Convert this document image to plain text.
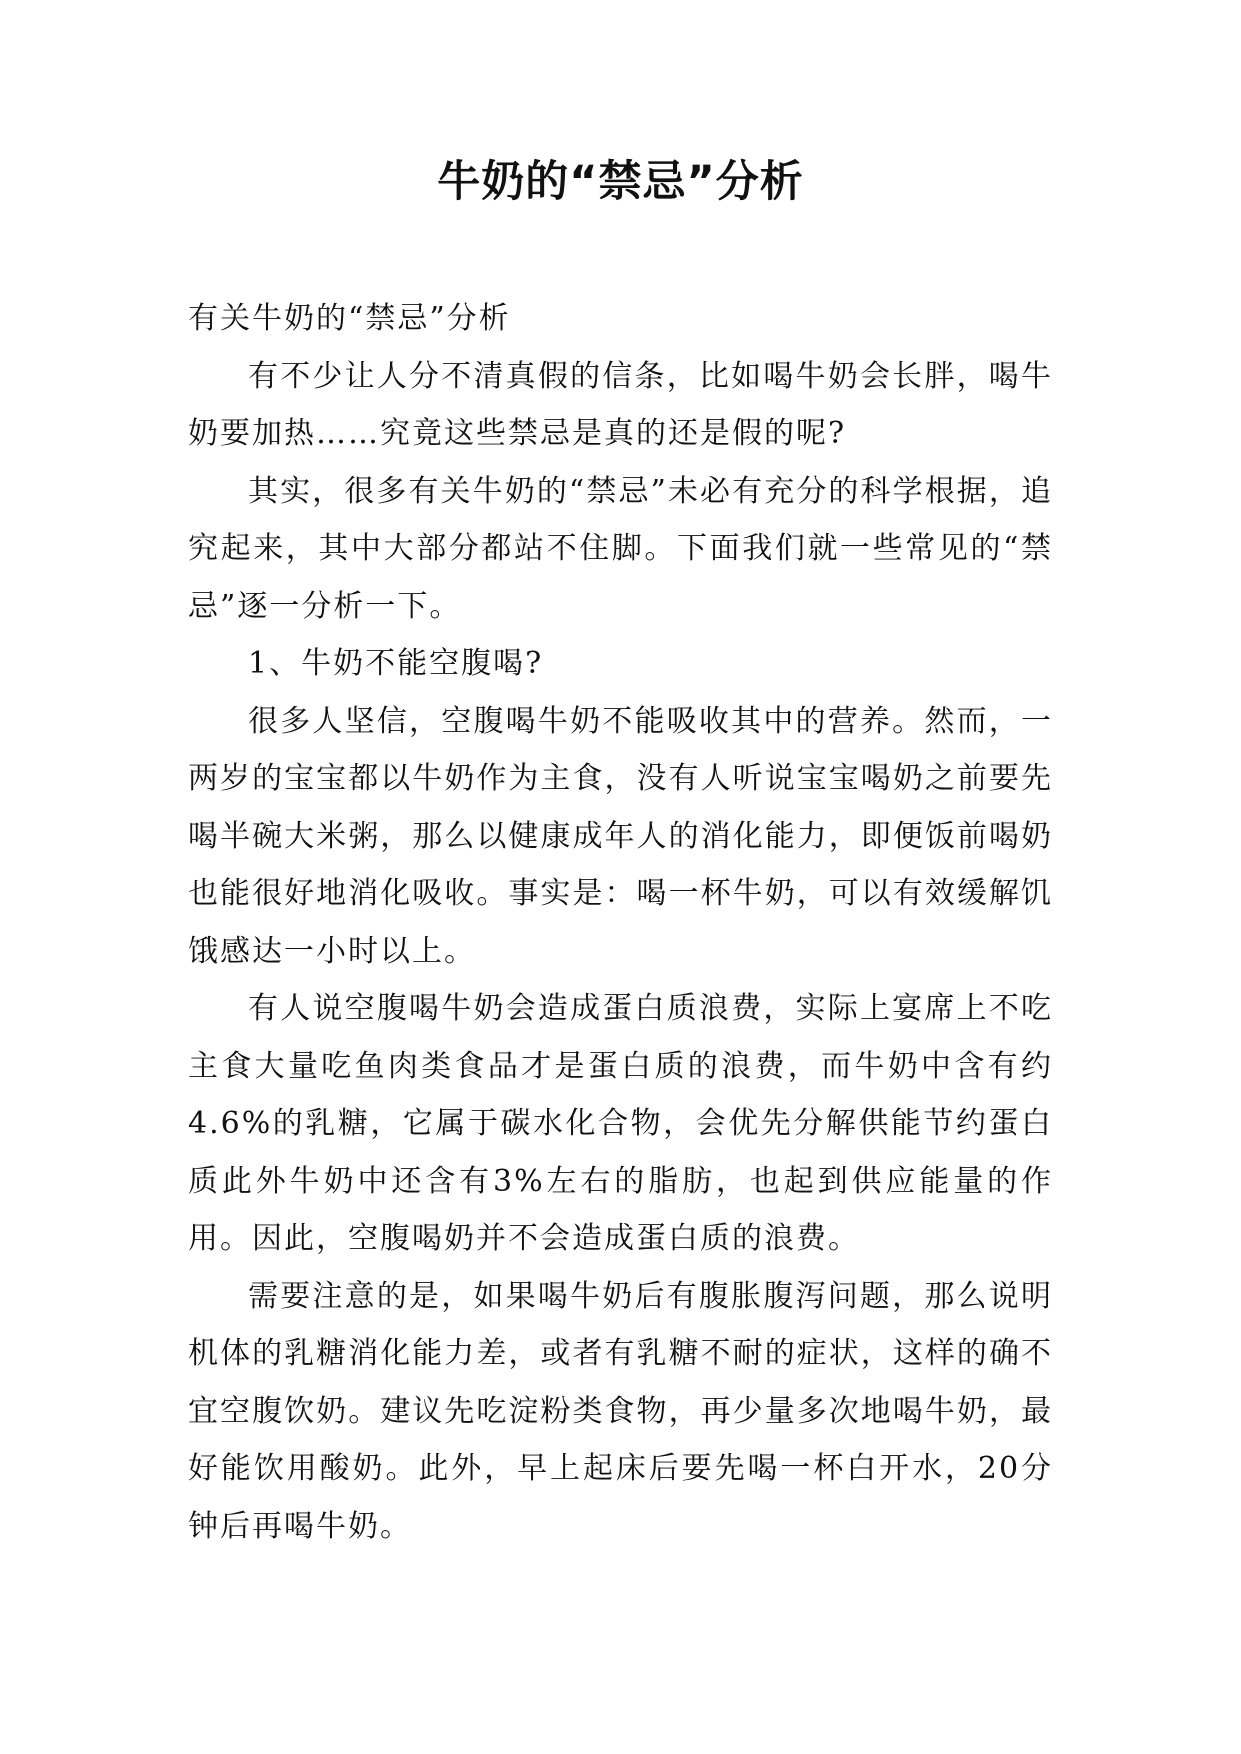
牛奶的“禁忌”分析

有关牛奶的“禁忌”分析

有不少让人分不清真假的信条，比如喝牛奶会长胖，喝牛奶要加热……究竟这些禁忌是真的还是假的呢?

其实，很多有关牛奶的“禁忌”未必有充分的科学根据，追究起来，其中大部分都站不住脚。下面我们就一些常见的“禁忌”逐一分析一下。

1、牛奶不能空腹喝?

很多人坚信，空腹喝牛奶不能吸收其中的营养。然而，一两岁的宝宝都以牛奶作为主食，没有人听说宝宝喝奶之前要先喝半碗大米粥，那么以健康成年人的消化能力，即便饭前喝奶也能很好地消化吸收。事实是：喝一杯牛奶，可以有效缓解饥饿感达一小时以上。

有人说空腹喝牛奶会造成蛋白质浪费，实际上宴席上不吃主食大量吃鱼肉类食品才是蛋白质的浪费，而牛奶中含有约4.6%的乳糖，它属于碳水化合物，会优先分解供能节约蛋白质此外牛奶中还含有3%左右的脂肪，也起到供应能量的作用。因此，空腹喝奶并不会造成蛋白质的浪费。

需要注意的是，如果喝牛奶后有腹胀腹泻问题，那么说明机体的乳糖消化能力差，或者有乳糖不耐的症状，这样的确不宜空腹饮奶。建议先吃淀粉类食物，再少量多次地喝牛奶，最好能饮用酸奶。此外，早上起床后要先喝一杯白开水，20分钟后再喝牛奶。
